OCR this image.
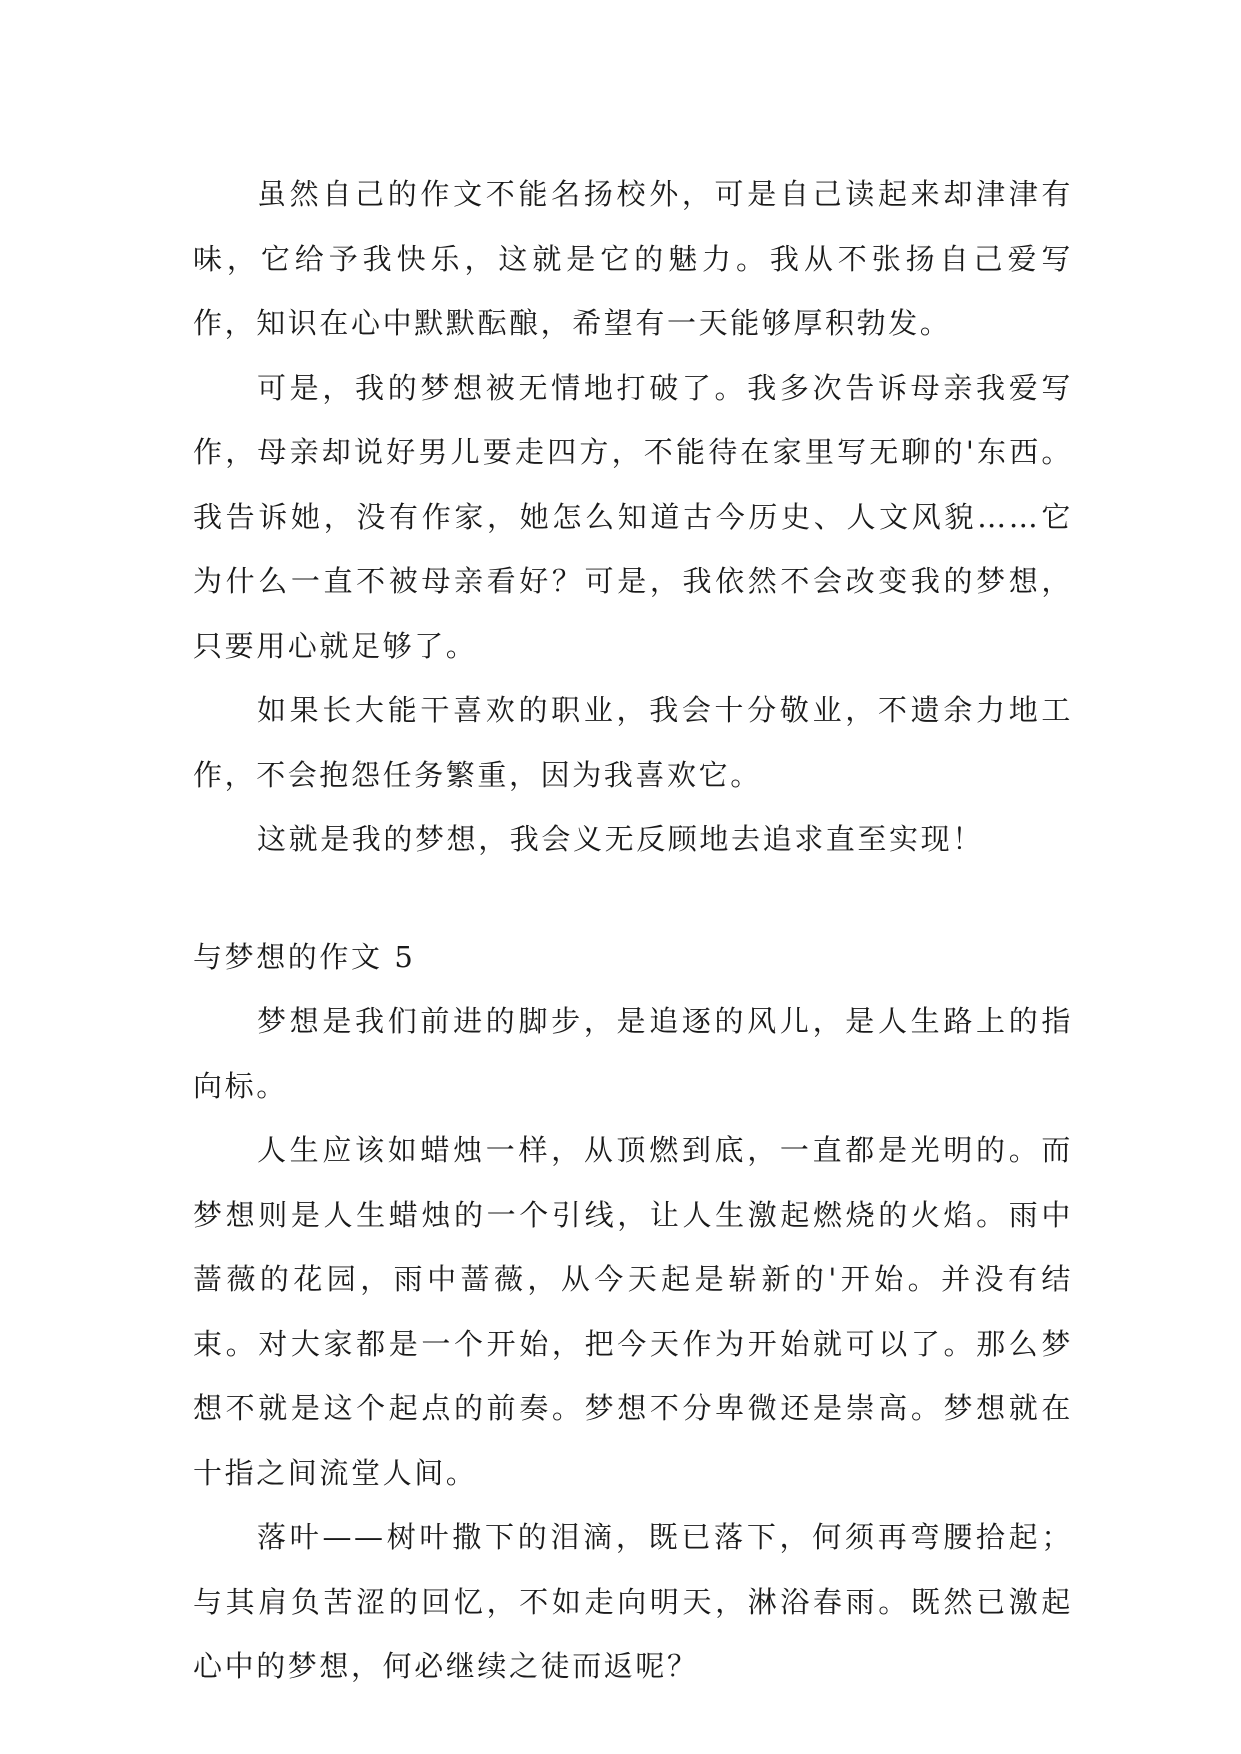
虽然自己的作文不能名扬校外，可是自己读起来却津津有味，它给予我快乐，这就是它的魅力。我从不张扬自己爱写作，知识在心中默默酝酿，希望有一天能够厚积勃发。

可是，我的梦想被无情地打破了。我多次告诉母亲我爱写作，母亲却说好男儿要走四方，不能待在家里写无聊的'东西。我告诉她，没有作家，她怎么知道古今历史、人文风貌……它为什么一直不被母亲看好？可是，我依然不会改变我的梦想，只要用心就足够了。

如果长大能干喜欢的职业，我会十分敬业，不遗余力地工作，不会抱怨任务繁重，因为我喜欢它。

这就是我的梦想，我会义无反顾地去追求直至实现！

与梦想的作文 5

梦想是我们前进的脚步，是追逐的风儿，是人生路上的指向标。

人生应该如蜡烛一样，从顶燃到底，一直都是光明的。而梦想则是人生蜡烛的一个引线，让人生激起燃烧的火焰。雨中蔷薇的花园，雨中蔷薇，从今天起是崭新的'开始。并没有结束。对大家都是一个开始，把今天作为开始就可以了。那么梦想不就是这个起点的前奏。梦想不分卑微还是崇高。梦想就在十指之间流堂人间。

落叶——树叶撒下的泪滴，既已落下，何须再弯腰拾起；与其肩负苦涩的回忆，不如走向明天，淋浴春雨。既然已激起心中的梦想，何必继续之徒而返呢？
